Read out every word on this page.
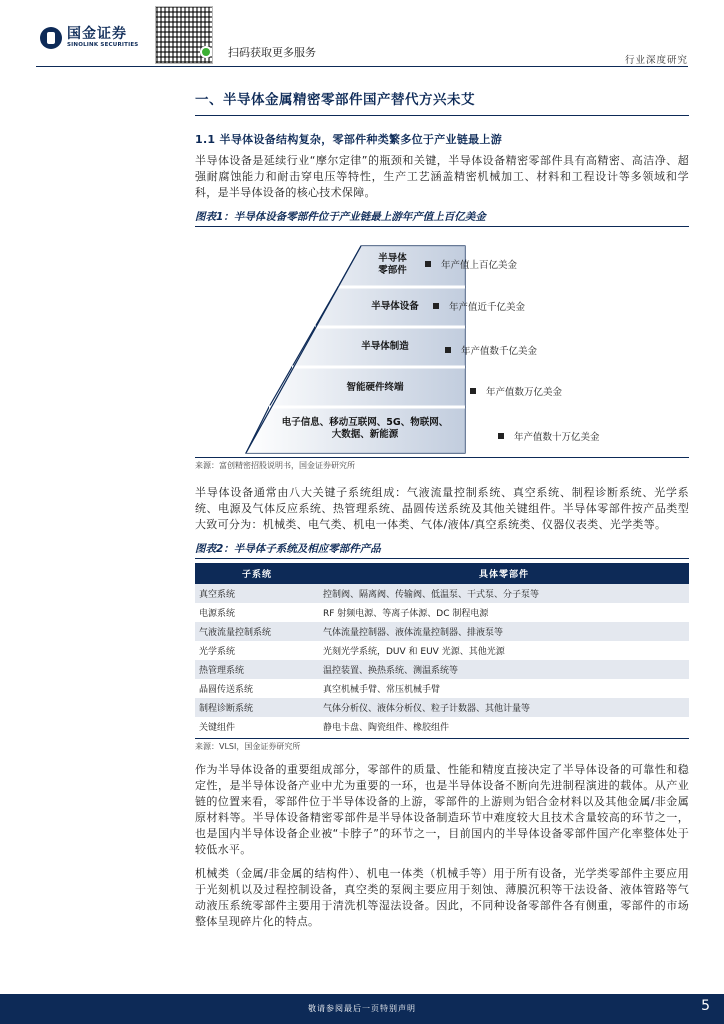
国金证券
SINOLINK SECURITIES
扫码获取更多服务
行业深度研究
一、半导体金属精密零部件国产替代方兴未艾
1.1 半导体设备结构复杂，零部件种类繁多位于产业链最上游
半导体设备是延续行业“摩尔定律”的瓶颈和关键，半导体设备精密零部件具有高精密、高洁净、超强耐腐蚀能力和耐击穿电压等特性，生产工艺涵盖精密机械加工、材料和工程设计等多领域和学科，是半导体设备的核心技术保障。
图表1：半导体设备零部件位于产业链最上游年产值上百亿美金
半导体
零部件
半导体设备
半导体制造
智能硬件终端
电子信息、移动互联网、5G、物联网、
大数据、新能源
年产值上百亿美金
年产值近千亿美金
年产值数千亿美金
年产值数万亿美金
年产值数十万亿美金
来源：富创精密招股说明书，国金证券研究所
半导体设备通常由八大关键子系统组成：气液流量控制系统、真空系统、制程诊断系统、光学系统、电源及气体反应系统、热管理系统、晶圆传送系统及其他关键组件。半导体零部件按产品类型大致可分为：机械类、电气类、机电一体类、气体/液体/真空系统类、仪器仪表类、光学类等。
图表2：半导体子系统及相应零部件产品
子系统	具体零部件
真空系统	控制阀、隔离阀、传输阀、低温泵、干式泵、分子泵等
电源系统	RF 射频电源、等离子体源、DC 制程电源
气液流量控制系统	气体流量控制器、液体流量控制器、排液泵等
光学系统	光刻光学系统，DUV 和 EUV 光源、其他光源
热管理系统	温控装置、换热系统、测温系统等
晶圆传送系统	真空机械手臂、常压机械手臂
制程诊断系统	气体分析仪、液体分析仪、粒子计数器、其他计量等
关键组件	静电卡盘、陶瓷组件、橡胶组件
来源：VLSI，国金证券研究所
作为半导体设备的重要组成部分，零部件的质量、性能和精度直接决定了半导体设备的可靠性和稳定性，是半导体设备产业中尤为重要的一环，也是半导体设备不断向先进制程演进的载体。从产业链的位置来看，零部件位于半导体设备的上游，零部件的上游则为铝合金材料以及其他金属/非金属原材料等。半导体设备精密零部件是半导体设备制造环节中难度较大且技术含量较高的环节之一，也是国内半导体设备企业被“卡脖子”的环节之一，目前国内的半导体设备零部件国产化率整体处于较低水平。
机械类（金属/非金属的结构件）、机电一体类（机械手等）用于所有设备，光学类零部件主要应用于光刻机以及过程控制设备，真空类的泵阀主要应用于刻蚀、薄膜沉积等干法设备、液体管路等气动液压系统零部件主要用于清洗机等湿法设备。因此，不同种设备零部件各有侧重，零部件的市场整体呈现碎片化的特点。
敬请参阅最后一页特别声明	5
